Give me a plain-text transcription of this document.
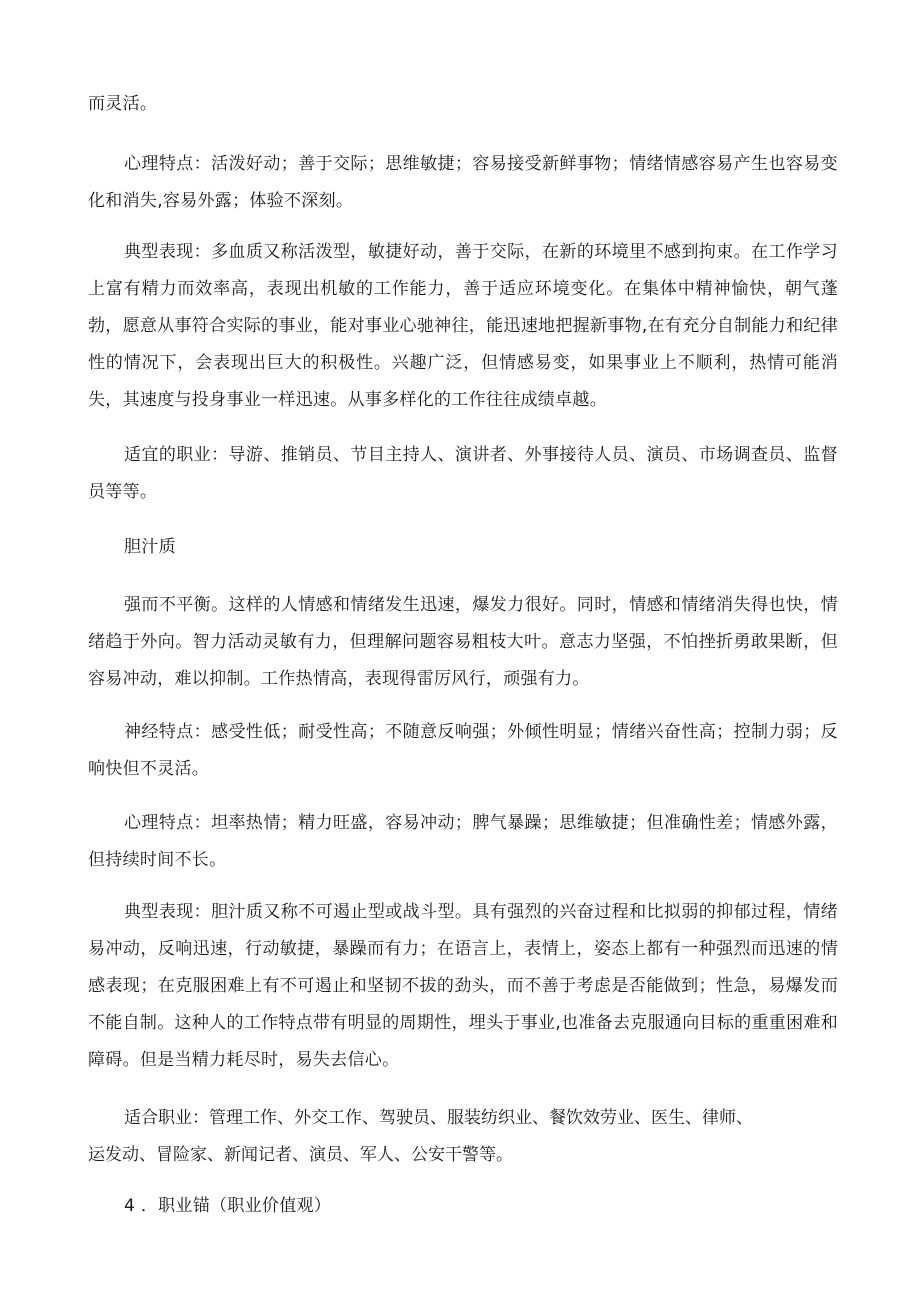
而灵活。

心理特点：活泼好动；善于交际；思维敏捷；容易接受新鲜事物；情绪情感容易产生也容易变化和消失,容易外露；体验不深刻。

典型表现：多血质又称活泼型，敏捷好动，善于交际，在新的环境里不感到拘束。在工作学习上富有精力而效率高，表现出机敏的工作能力，善于适应环境变化。在集体中精神愉快，朝气蓬勃，愿意从事符合实际的事业，能对事业心驰神往，能迅速地把握新事物,在有充分自制能力和纪律性的情况下，会表现出巨大的积极性。兴趣广泛，但情感易变，如果事业上不顺利，热情可能消失，其速度与投身事业一样迅速。从事多样化的工作往往成绩卓越。

适宜的职业：导游、推销员、节目主持人、演讲者、外事接待人员、演员、市场调查员、监督员等等。

胆汁质

强而不平衡。这样的人情感和情绪发生迅速，爆发力很好。同时，情感和情绪消失得也快，情绪趋于外向。智力活动灵敏有力，但理解问题容易粗枝大叶。意志力坚强，不怕挫折勇敢果断，但容易冲动，难以抑制。工作热情高，表现得雷厉风行，顽强有力。

神经特点：感受性低；耐受性高；不随意反响强；外倾性明显；情绪兴奋性高；控制力弱；反响快但不灵活。

心理特点：坦率热情；精力旺盛，容易冲动；脾气暴躁；思维敏捷；但准确性差；情感外露，但持续时间不长。

典型表现：胆汁质又称不可遏止型或战斗型。具有强烈的兴奋过程和比拟弱的抑郁过程，情绪易冲动，反响迅速，行动敏捷，暴躁而有力；在语言上，表情上，姿态上都有一种强烈而迅速的情感表现；在克服困难上有不可遏止和坚韧不拔的劲头，而不善于考虑是否能做到；性急，易爆发而不能自制。这种人的工作特点带有明显的周期性，埋头于事业,也准备去克服通向目标的重重困难和障碍。但是当精力耗尽时，易失去信心。

适合职业：管理工作、外交工作、驾驶员、服装纺织业、餐饮效劳业、医生、律师、

运发动、冒险家、新闻记者、演员、军人、公安干警等。

4 ．职业锚（职业价值观）
